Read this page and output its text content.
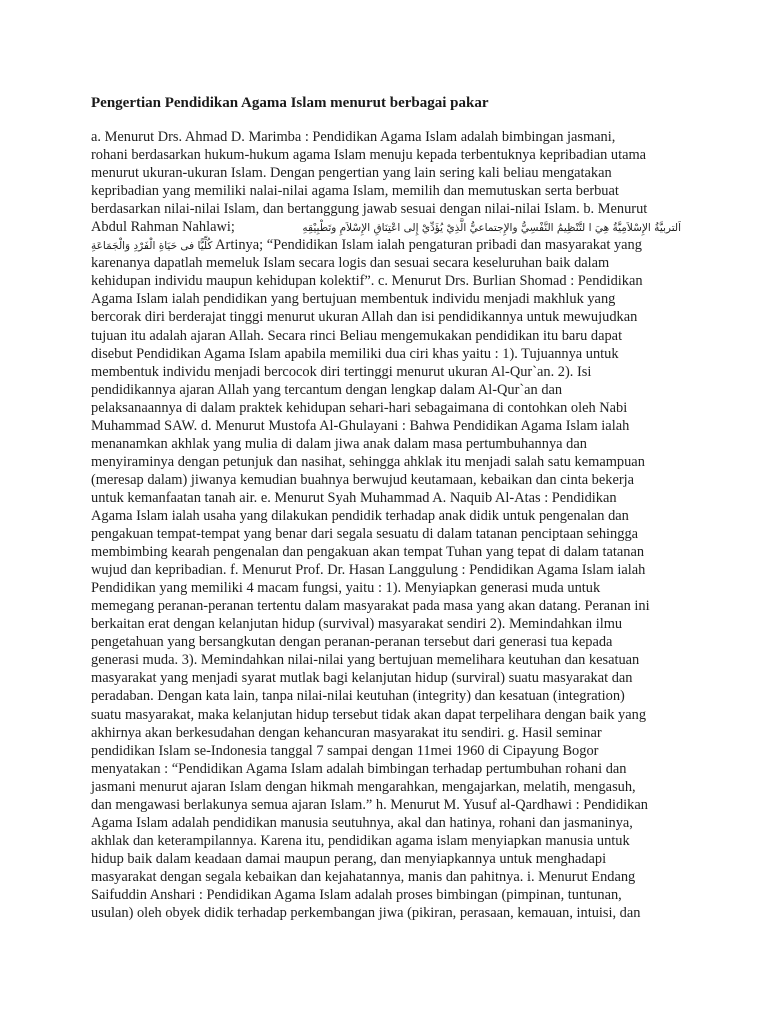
Pengertian Pendidikan Agama Islam menurut berbagai pakar
a. Menurut Drs. Ahmad D. Marimba : Pendidikan Agama Islam adalah bimbingan jasmani,
rohani berdasarkan hukum-hukum agama Islam menuju kepada terbentuknya kepribadian utama
menurut ukuran-ukuran Islam. Dengan pengertian yang lain sering kali beliau mengatakan
kepribadian yang memiliki nalai-nilai agama Islam, memilih dan memutuskan serta berbuat
berdasarkan nilai-nilai Islam, dan bertanggung jawab sesuai dengan nilai-nilai Islam. b. Menurut
Abdul Rahman Nahlawi;	اَلتربيَّةُ الإِسْلاَمِيَّةُ هِيَ ا لتَّنْظِيمُ النَّفْسِيُّ والإِجتماعيُّ الَّذِيْ يُؤَدِّيْ إِلى اعْتِنَاقِ الإِسْلاَمِ وتَطْبِيْقِهِ
كُلِّيًّا فى حَيَاةِ الْفَرْدِ وَالْجَمَاعَةِ Artinya; “Pendidikan Islam ialah pengaturan pribadi dan masyarakat yang
karenanya dapatlah memeluk Islam secara logis dan sesuai secara keseluruhan baik dalam
kehidupan individu maupun kehidupan kolektif”. c. Menurut Drs. Burlian Shomad : Pendidikan
Agama Islam ialah pendidikan yang bertujuan membentuk individu menjadi makhluk yang
bercorak diri berderajat tinggi menurut ukuran Allah dan isi pendidikannya untuk mewujudkan
tujuan itu adalah ajaran Allah. Secara rinci Beliau mengemukakan pendidikan itu baru dapat
disebut Pendidikan Agama Islam apabila memiliki dua ciri khas yaitu : 1). Tujuannya untuk
membentuk individu menjadi bercocok diri tertinggi menurut ukuran Al-Qur`an. 2). Isi
pendidikannya ajaran Allah yang tercantum dengan lengkap dalam Al-Qur`an dan
pelaksanaannya di dalam praktek kehidupan sehari-hari sebagaimana di contohkan oleh Nabi
Muhammad SAW. d. Menurut Mustofa Al-Ghulayani : Bahwa Pendidikan Agama Islam ialah
menanamkan akhlak yang mulia di dalam jiwa anak dalam masa pertumbuhannya dan
menyiraminya dengan petunjuk dan nasihat, sehingga ahklak itu menjadi salah satu kemampuan
(meresap dalam) jiwanya kemudian buahnya berwujud keutamaan, kebaikan dan cinta bekerja
untuk kemanfaatan tanah air. e. Menurut Syah Muhammad A. Naquib Al-Atas : Pendidikan
Agama Islam ialah usaha yang dilakukan pendidik terhadap anak didik untuk pengenalan dan
pengakuan tempat-tempat yang benar dari segala sesuatu di dalam tatanan penciptaan sehingga
membimbing kearah pengenalan dan pengakuan akan tempat Tuhan yang tepat di dalam tatanan
wujud dan kepribadian. f. Menurut Prof. Dr. Hasan Langgulung : Pendidikan Agama Islam ialah
Pendidikan yang memiliki 4 macam fungsi, yaitu : 1). Menyiapkan generasi muda untuk
memegang peranan-peranan tertentu dalam masyarakat pada masa yang akan datang. Peranan ini
berkaitan erat dengan kelanjutan hidup (survival) masyarakat sendiri 2). Memindahkan ilmu
pengetahuan yang bersangkutan dengan peranan-peranan tersebut dari generasi tua kepada
generasi muda. 3). Memindahkan nilai-nilai yang bertujuan memelihara keutuhan dan kesatuan
masyarakat yang menjadi syarat mutlak bagi kelanjutan hidup (surviral) suatu masyarakat dan
peradaban. Dengan kata lain, tanpa nilai-nilai keutuhan (integrity) dan kesatuan (integration)
suatu masyarakat, maka kelanjutan hidup tersebut tidak akan dapat terpelihara dengan baik yang
akhirnya akan berkesudahan dengan kehancuran masyarakat itu sendiri. g. Hasil seminar
pendidikan Islam se-Indonesia tanggal 7 sampai dengan 11mei 1960 di Cipayung Bogor
menyatakan : “Pendidikan Agama Islam adalah bimbingan terhadap pertumbuhan rohani dan
jasmani menurut ajaran Islam dengan hikmah mengarahkan, mengajarkan, melatih, mengasuh,
dan mengawasi berlakunya semua ajaran Islam.” h. Menurut M. Yusuf al-Qardhawi : Pendidikan
Agama Islam adalah pendidikan manusia seutuhnya, akal dan hatinya, rohani dan jasmaninya,
akhlak dan keterampilannya. Karena itu, pendidikan agama islam menyiapkan manusia untuk
hidup baik dalam keadaan damai maupun perang, dan menyiapkannya untuk menghadapi
masyarakat dengan segala kebaikan dan kejahatannya, manis dan pahitnya. i. Menurut Endang
Saifuddin Anshari : Pendidikan Agama Islam adalah proses bimbingan (pimpinan, tuntunan,
usulan) oleh obyek didik terhadap perkembangan jiwa (pikiran, perasaan, kemauan, intuisi, dan
